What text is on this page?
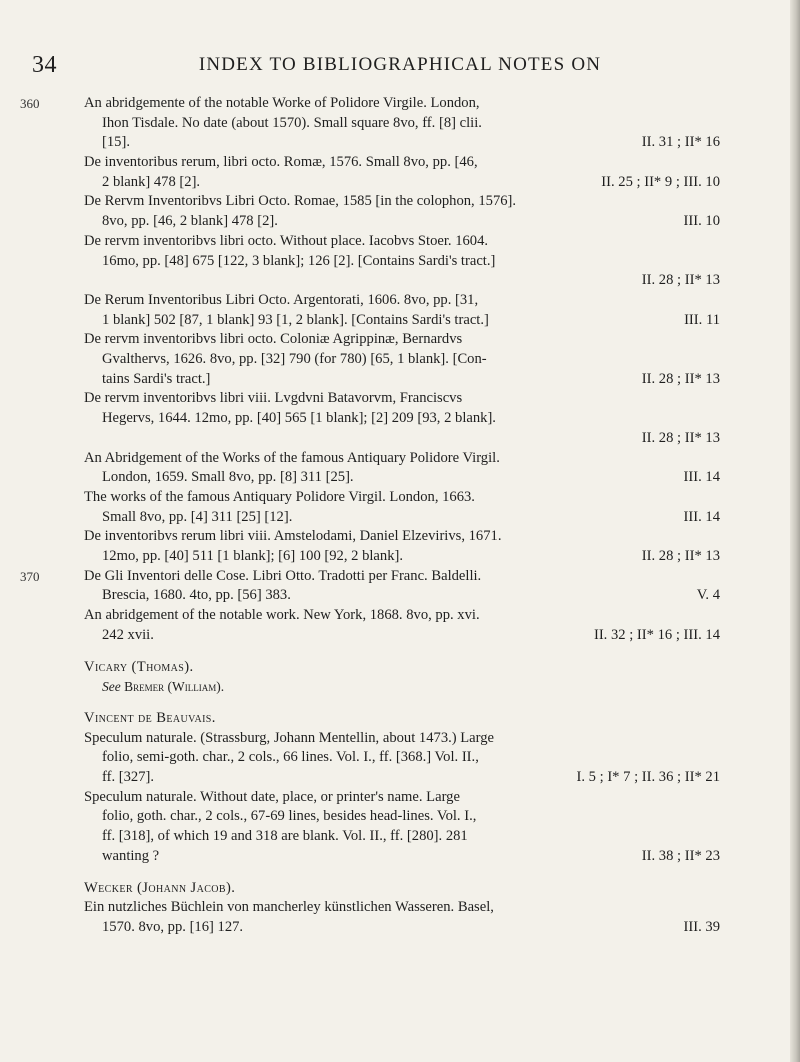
34	INDEX TO BIBLIOGRAPHICAL NOTES ON
360	An abridgemente of the notable Worke of Polidore Virgile. London,
Ihon Tisdale. No date (about 1570). Small square 8vo, ff. [8] clii.
[15].	II. 31 ; II* 16
De inventoribus rerum, libri octo. Romæ, 1576. Small 8vo, pp. [46,
2 blank] 478 [2].	II. 25 ; II* 9 ; III. 10
De Rervm Inventoribvs Libri Octo. Romae, 1585 [in the colophon, 1576].
8vo, pp. [46, 2 blank] 478 [2].	III. 10
De rervm inventoribvs libri octo. Without place. Iacobvs Stoer. 1604.
16mo, pp. [48] 675 [122, 3 blank]; 126 [2]. [Contains Sardi's tract.]
II. 28 ; II* 13
De Rerum Inventoribus Libri Octo. Argentorati, 1606. 8vo, pp. [31,
1 blank] 502 [87, 1 blank] 93 [1, 2 blank]. [Contains Sardi's tract.]	III. 11
De rervm inventoribvs libri octo. Coloniæ Agrippinæ, Bernardvs
Gvalthervs, 1626. 8vo, pp. [32] 790 (for 780) [65, 1 blank]. [Con-
tains Sardi's tract.]	II. 28 ; II* 13
De rervm inventoribvs libri viii. Lvgdvni Batavorvm, Franciscvs
Hegervs, 1644. 12mo, pp. [40] 565 [1 blank]; [2] 209 [93, 2 blank].
II. 28 ; II* 13
An Abridgement of the Works of the famous Antiquary Polidore Virgil.
London, 1659. Small 8vo, pp. [8] 311 [25].	III. 14
The works of the famous Antiquary Polidore Virgil. London, 1663.
Small 8vo, pp. [4] 311 [25] [12].	III. 14
De inventoribvs rerum libri viii. Amstelodami, Daniel Elzevirivs, 1671.
12mo, pp. [40] 511 [1 blank]; [6] 100 [92, 2 blank].	II. 28 ; II* 13
370	De Gli Inventori delle Cose. Libri Otto. Tradotti per Franc. Baldelli.
Brescia, 1680. 4to, pp. [56] 383.	V. 4
An abridgement of the notable work. New York, 1868. 8vo, pp. xvi.
242 xvii.	II. 32 ; II* 16 ; III. 14
Vicary (Thomas).
See Bremer (William).
Vincent de Beauvais.
Speculum naturale. (Strassburg, Johann Mentellin, about 1473.) Large
folio, semi-goth. char., 2 cols., 66 lines. Vol. I., ff. [368.] Vol. II.,
ff. [327].	I. 5 ; I* 7 ; II. 36 ; II* 21
Speculum naturale. Without date, place, or printer's name. Large
folio, goth. char., 2 cols., 67-69 lines, besides head-lines. Vol. I.,
ff. [318], of which 19 and 318 are blank. Vol. II., ff. [280]. 281
wanting ?	II. 38 ; II* 23
Wecker (Johann Jacob).
Ein nutzliches Büchlein von mancherley künstlichen Wasseren. Basel,
1570. 8vo, pp. [16] 127.	III. 39
